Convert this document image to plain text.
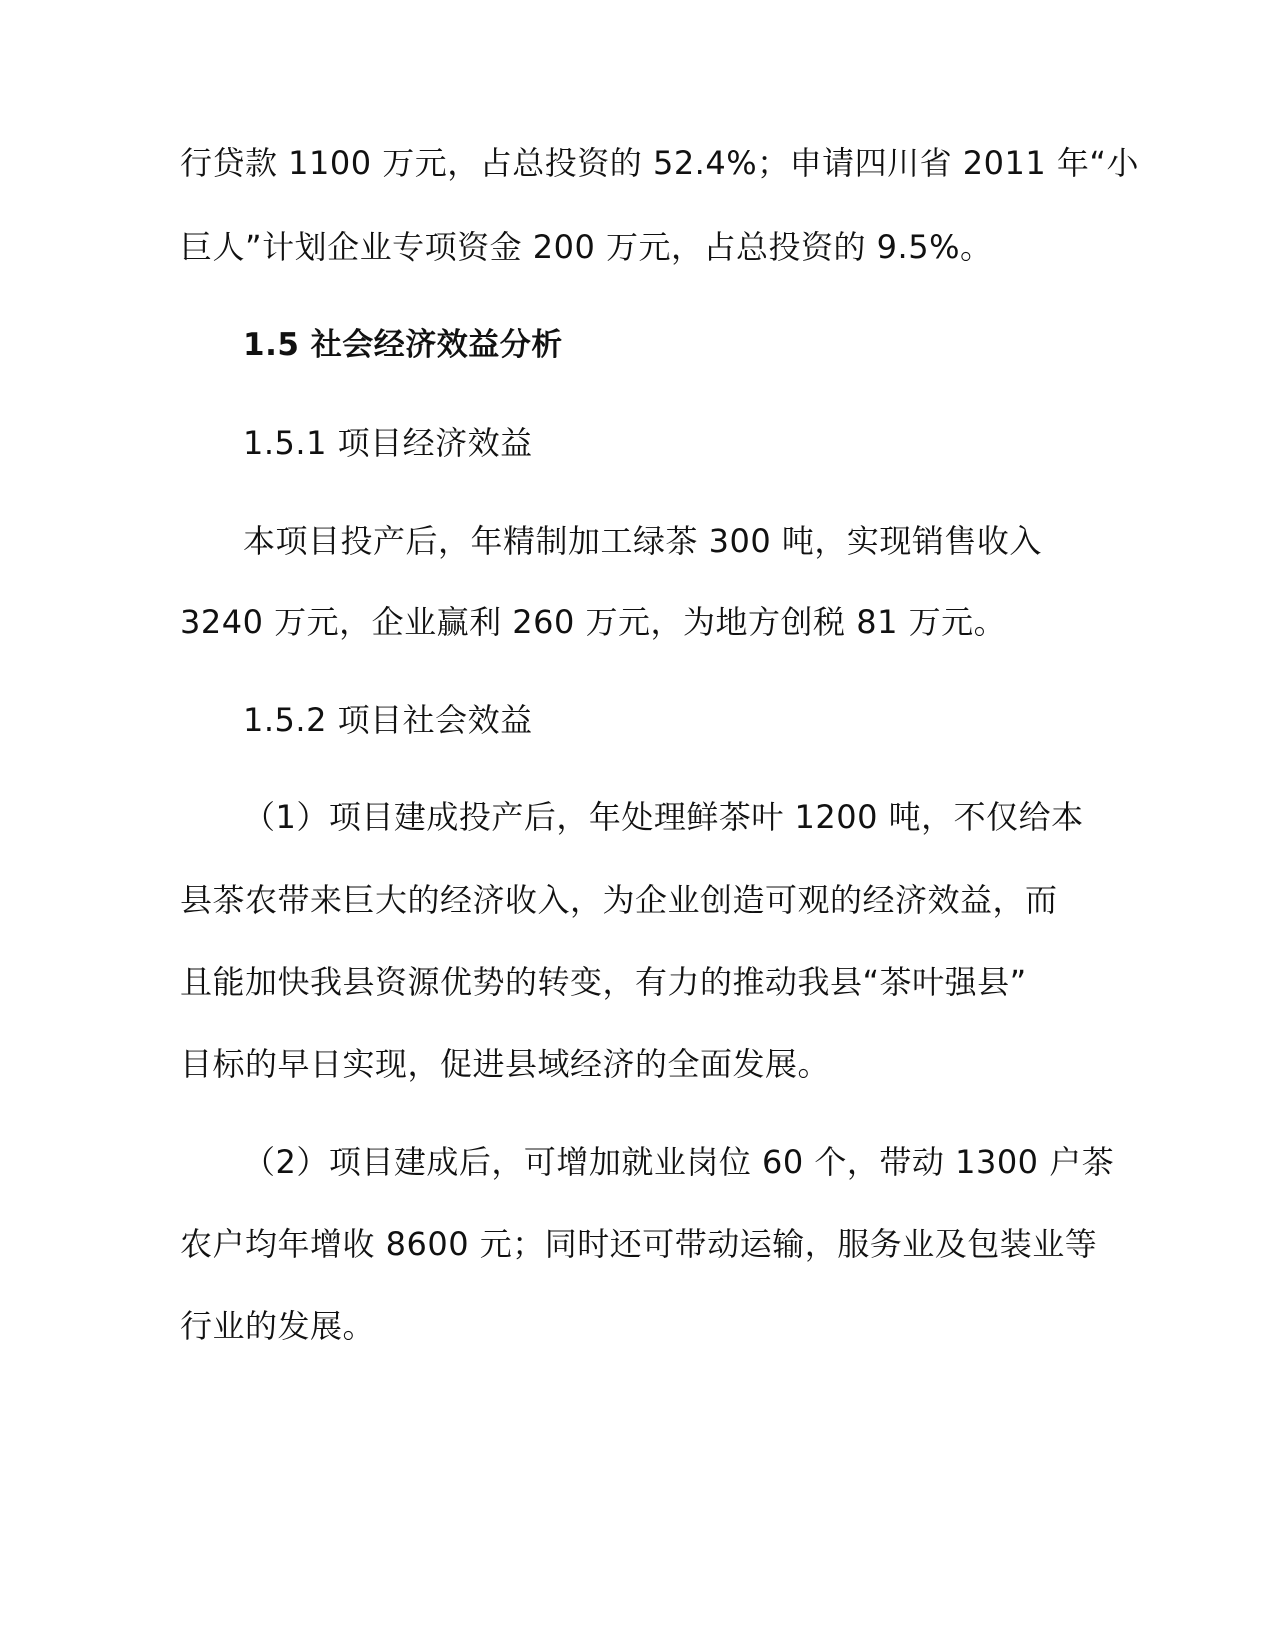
行贷款 1100 万元，占总投资的 52.4%；申请四川省 2011 年“小
巨人”计划企业专项资金 200 万元，占总投资的 9.5%。
1.5 社会经济效益分析
1.5.1 项目经济效益
本项目投产后，年精制加工绿茶 300 吨，实现销售收入
3240 万元，企业赢利 260 万元，为地方创税 81 万元。
1.5.2 项目社会效益
（1）项目建成投产后，年处理鲜茶叶 1200 吨，不仅给本
县茶农带来巨大的经济收入，为企业创造可观的经济效益，而
且能加快我县资源优势的转变，有力的推动我县“茶叶强县”
目标的早日实现，促进县域经济的全面发展。
（2）项目建成后，可增加就业岗位 60 个，带动 1300 户茶
农户均年增收 8600 元；同时还可带动运输，服务业及包装业等
行业的发展。
